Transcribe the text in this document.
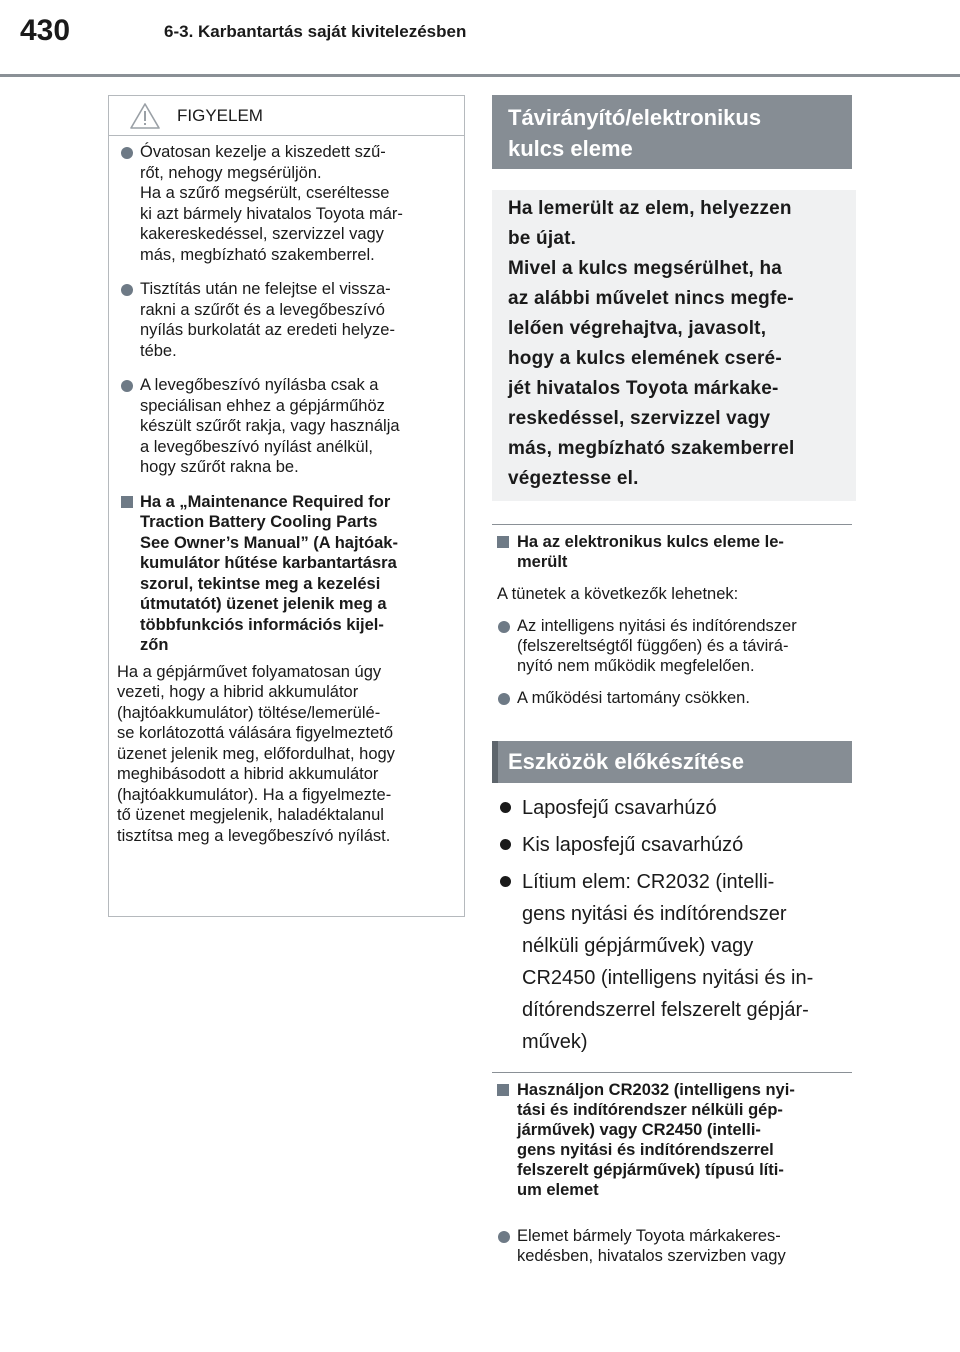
430	6-3. Karbantartás saját kivitelezésben
FIGYELEM
Óvatosan kezelje a kiszedett szű-
rőt, nehogy megsérüljön.
Ha a szűrő megsérült, cseréltesse
ki azt bármely hivatalos Toyota már-
kakereskedéssel, szervizzel vagy
más, megbízható szakemberrel.
Tisztítás után ne felejtse el vissza-
rakni a szűrőt és a levegőbeszívó
nyílás burkolatát az eredeti helyze-
tébe.
A levegőbeszívó nyílásba csak a
speciálisan ehhez a gépjárműhöz
készült szűrőt rakja, vagy használja
a levegőbeszívó nyílást anélkül,
hogy szűrőt rakna be.
Ha a „Maintenance Required for
Traction Battery Cooling Parts
See Owner’s Manual” (A hajtóak-
kumulátor hűtése karbantartásra
szorul, tekintse meg a kezelési
útmutatót) üzenet jelenik meg a
többfunkciós információs kijel-
zőn
Ha a gépjárművet folyamatosan úgy
vezeti, hogy a hibrid akkumulátor
(hajtóakkumulátor) töltése/lemerülé-
se korlátozottá válására figyelmeztető
üzenet jelenik meg, előfordulhat, hogy
meghibásodott a hibrid akkumulátor
(hajtóakkumulátor). Ha a figyelmezte-
tő üzenet megjelenik, haladéktalanul
tisztítsa meg a levegőbeszívó nyílást.
Távirányító/elektronikus
kulcs eleme
Ha lemerült az elem, helyezzen
be újat.
Mivel a kulcs megsérülhet, ha
az alábbi művelet nincs megfe-
lelően végrehajtva, javasolt,
hogy a kulcs elemének cseré-
jét hivatalos Toyota márkake-
reskedéssel, szervizzel vagy
más, megbízható szakemberrel
végeztesse el.
Ha az elektronikus kulcs eleme le-
merült
A tünetek a következők lehetnek:
Az intelligens nyitási és indítórendszer
(felszereltségtől függően) és a távirá-
nyító nem működik megfelelően.
A működési tartomány csökken.
Eszközök előkészítése
Laposfejű csavarhúzó
Kis laposfejű csavarhúzó
Lítium elem: CR2032 (intelli-
gens nyitási és indítórendszer
nélküli gépjárművek) vagy
CR2450 (intelligens nyitási és in-
dítórendszerrel felszerelt gépjár-
művek)
Használjon CR2032 (intelligens nyi-
tási és indítórendszer nélküli gép-
járművek) vagy CR2450 (intelli-
gens nyitási és indítórendszerrel
felszerelt gépjárművek) típusú líti-
um elemet
Elemet bármely Toyota márkakeres-
kedésben, hivatalos szervizben vagy
